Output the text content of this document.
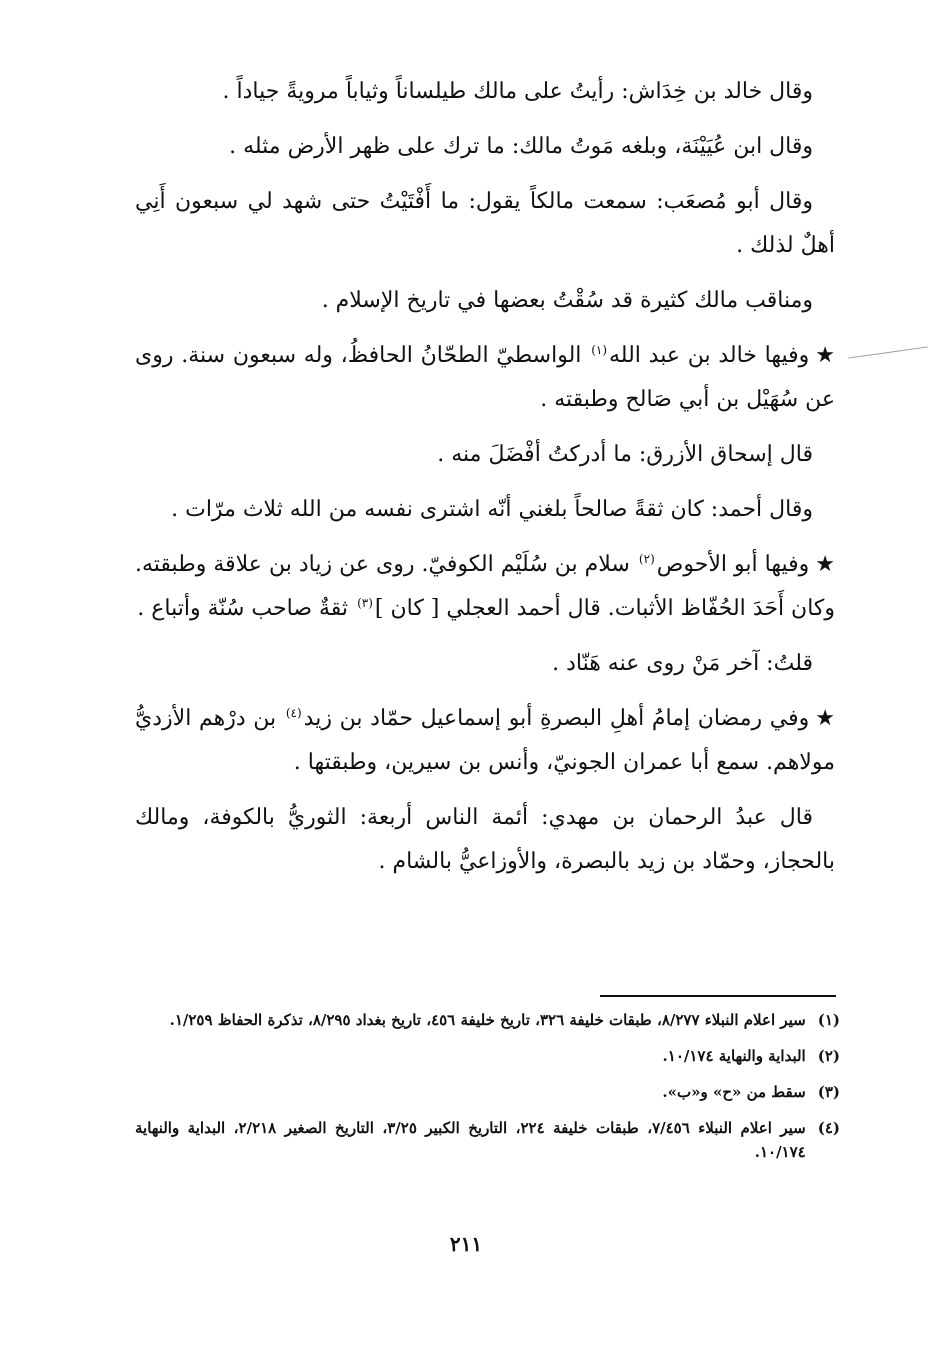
وقال خالد بن خِدَاش: رأيتُ على مالك طيلساناً وثياباً مرويةً جياداً .

وقال ابن عُيَيْنَة، وبلغه مَوتُ مالك: ما ترك على ظهر الأرض مثله .

وقال أبو مُصعَب: سمعت مالكاً يقول: ما أَفْتَيْتُ حتى شهد لي سبعون أَنِي أهلٌ لذلك .

ومناقب مالك كثيرة قد سُقْتُ بعضها في تاريخ الإسلام .

★وفيها خالد بن عبد الله$^{(١)}$ الواسطيّ الطحّانُ الحافظُ، وله سبعون سنة. روى عن سُهَيْل بن أبي صَالح وطبقته .

قال إسحاق الأزرق: ما أدركتُ أفْضَلَ منه .

وقال أحمد: كان ثقةً صالحاً بلغني أنّه اشترى نفسه من الله ثلاث مرّات .

★وفيها أبو الأحوص$^{(٢)}$ سلام بن سُلَيْم الكوفيّ. روى عن زياد بن علاقة وطبقته. وكان أَحَدَ الحُفّاظ الأثبات. قال أحمد العجلي [ كان ]$^{(٣)}$ ثقةٌ صاحب سُنّة وأتباع .

قلتُ: آخر مَنْ روى عنه هَنّاد .

★وفي رمضان إمامُ أهلِ البصرةِ أبو إسماعيل حمّاد بن زيد$^{(٤)}$ بن درْهم الأزديُّ مولاهم. سمع أبا عمران الجونيّ، وأنس بن سيرين، وطبقتها .

قال عبدُ الرحمان بن مهدي: أئمة الناس أربعة: الثوريُّ بالكوفة، ومالك بالحجاز، وحمّاد بن زيد بالبصرة، والأوزاعيُّ بالشام .

(١)
سير اعلام النبلاء ٨/٢٧٧، طبقات خليفة ٣٢٦، تاريخ خليفة ٤٥٦، تاريخ بغداد ٨/٢٩٥، تذكرة الحفاظ ١/٢٥٩.
(٢)
البداية والنهاية ١٠/١٧٤.
(٣)
سقط من «ح» و«ب».
(٤)
سير اعلام النبلاء ٧/٤٥٦، طبقات خليفة ٢٢٤، التاريخ الكبير ٣/٢٥، التاريخ الصغير ٢/٢١٨، البداية والنهاية ١٠/١٧٤.
٢١١
